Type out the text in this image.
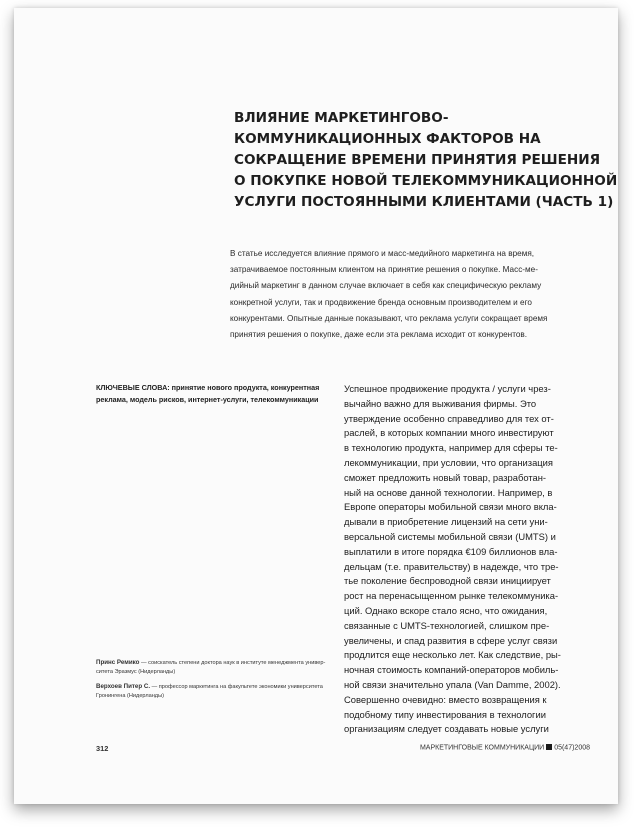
ВЛИЯНИЕ МАРКЕТИНГОВО-
КОММУНИКАЦИОННЫХ ФАКТОРОВ НА
СОКРАЩЕНИЕ ВРЕМЕНИ ПРИНЯТИЯ РЕШЕНИЯ
О ПОКУПКЕ НОВОЙ ТЕЛЕКОММУНИКАЦИОННОЙ
УСЛУГИ ПОСТОЯННЫМИ КЛИЕНТАМИ (ЧАСТЬ 1)
В статье исследуется влияние прямого и масс-медийного маркетинга на время,
затрачиваемое постоянным клиентом на принятие решения о покупке. Масс-ме-
дийный маркетинг в данном случае включает в себя как специфическую рекламу
конкретной услуги, так и продвижение бренда основным производителем и его
конкурентами. Опытные данные показывают, что реклама услуги сокращает время
принятия решения о покупке, даже если эта реклама исходит от конкурентов.
КЛЮЧЕВЫЕ СЛОВА: принятие нового продукта, конкурентная
реклама, модель рисков, интернет-услуги, телекоммуникации
Успешное продвижение продукта / услуги чрез-
вычайно важно для выживания фирмы. Это
утверждение особенно справедливо для тех от-
раслей, в которых компании много инвестируют
в технологию продукта, например для сферы те-
лекоммуникации, при условии, что организация
сможет предложить новый товар, разработан-
ный на основе данной технологии. Например, в
Европе операторы мобильной связи много вкла-
дывали в приобретение лицензий на сети уни-
версальной системы мобильной связи (UMTS) и
выплатили в итоге порядка €109 биллионов вла-
дельцам (т.е. правительству) в надежде, что тре-
тье поколение беспроводной связи инициирует
рост на перенасыщенном рынке телекоммуника-
ций. Однако вскоре стало ясно, что ожидания,
связанные с UMTS-технологией, слишком пре-
увеличены, и спад развития в сфере услуг связи
продлится еще несколько лет. Как следствие, ры-
ночная стоимость компаний-операторов мобиль-
ной связи значительно упала (Van Damme, 2002).
Совершенно очевидно: вместо возвращения к
подобному типу инвестирования в технологии
организациям следует создавать новые услуги
Принс Ремико — соискатель степени доктора наук в институте менеджмента универ-
ситета Эразмус (Нидерланды)
Верхоев Питер С. — профессор маркетинга на факультете экономики университета
Гронингена (Нидерланды)
312	МАРКЕТИНГОВЫЕ КОММУНИКАЦИИ 05(47)2008
